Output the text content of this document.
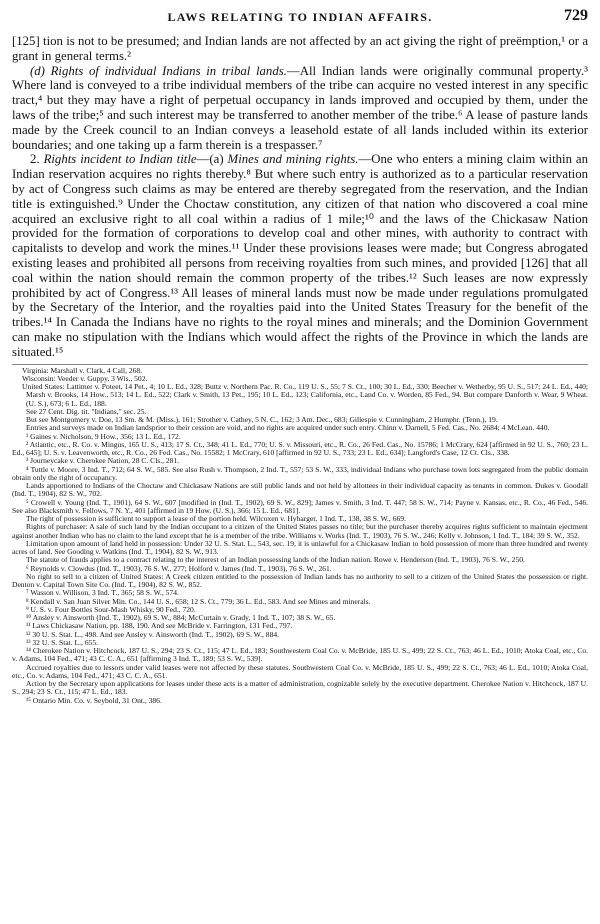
LAWS RELATING TO INDIAN AFFAIRS.	729

[125] tion is not to be presumed; and Indian lands are not affected by an act giving the right of preëmption,¹ or a grant in general terms.²

(d) Rights of individual Indians in tribal lands.—All Indian lands were originally communal property.³ Where land is conveyed to a tribe individual members of the tribe can acquire no vested interest in any specific tract,⁴ but they may have a right of perpetual occupancy in lands improved and occupied by them, under the laws of the tribe;⁵ and such interest may be transferred to another member of the tribe.⁶ A lease of pasture lands made by the Creek council to an Indian conveys a leasehold estate of all lands included within its exterior boundaries; and one taking up a farm therein is a trespasser.⁷

2. Rights incident to Indian title—(a) Mines and mining rights.—One who enters a mining claim within an Indian reservation acquires no rights thereby.⁸ But where such entry is authorized as to a particular reservation by act of Congress such claims as may be entered are thereby segregated from the reservation, and the Indian title is extinguished.⁹ Under the Choctaw constitution, any citizen of that nation who discovered a coal mine acquired an exclusive right to all coal within a radius of 1 mile;¹⁰ and the laws of the Chickasaw Nation provided for the formation of corporations to develop coal and other mines, with authority to contract with capitalists to develop and work the mines.¹¹ Under these provisions leases were made; but Congress abrogated existing leases and prohibited all persons from receiving royalties from such mines, and provided [126] that all coal within the nation should remain the common property of the tribes.¹² Such leases are now expressly prohibited by act of Congress.¹³ All leases of mineral lands must now be made under regulations promulgated by the Secretary of the Interior, and the royalties paid into the United States Treasury for the benefit of the tribes.¹⁴ In Canada the Indians have no rights to the royal mines and minerals; and the Dominion Government can make no stipulation with the Indians which would affect the rights of the Province in which the lands are situated.¹⁵

Virginia: Marshall v. Clark, 4 Call, 268.

Wisconsin: Veeder v. Guppy, 3 Wis., 502.

United States: Lattimer v. Poteet, 14 Pet., 4; 10 L. Ed., 328; Buttz v. Northern Pac. R. Co., 119 U. S., 55; 7 S. Ct., 100; 30 L. Ed., 330; Beecher v. Wetherby, 95 U. S., 517; 24 L. Ed., 440; Marsh v. Brooks, 14 How., 513; 14 L. Ed., 522; Clark v. Smith, 13 Pet., 195; 10 L. Ed., 123; California, etc., Land Co. v. Worden, 85 Fed., 94. But compare Danforth v. Wear, 9 Wheat. (U. S.), 673; 6 L. Ed., 188.

See 27 Cent. Dig. tit. "Indians," sec. 25.

But see Montgomery v. Doe, 13 Sm. & M. (Miss.), 161; Strother v. Cathey, 5 N. C., 162; 3 Am. Dec., 683; Gillespie v. Cunningham, 2 Humphr. (Tenn.), 19.

Entries and surveys made on Indian landsprior to their cession are void, and no rights are acquired under such entry. Chinn v. Darnell, 5 Fed. Cas., No. 2684; 4 McLean. 440.

¹ Gaines v. Nicholson, 9 How., 356; 13 L. Ed., 172.

² Atlantic, etc., R. Co. v. Mingus, 165 U. S., 413; 17 S. Ct., 348; 41 L. Ed., 770; U. S. v. Missouri, etc., R. Co., 26 Fed. Cas., No. 15786; 1 McCrary, 624 [affirmed in 92 U. S., 760; 23 L. Ed., 645]; U. S. v. Leavenworth, etc., R. Co., 26 Fed. Cas., No. 15582; 1 McCrary, 610 [affirmed in 92 U. S., 733; 23 L. Ed., 634]; Langford's Case, 12 Ct. Cls., 338.

³ Journeycake v. Cherokee Nation, 28 C. Cls., 281.

⁴ Tuttle v. Moore, 3 Ind. T., 712; 64 S. W., 585. See also Rush v. Thompson, 2 Ind. T., 557; 53 S. W., 333, individual Indians who purchase town lots segregated from the public domain obtain only the right of occupancy.

Lands apportioned to Indians of the Choctaw and Chickasaw Nations are still public lands and not held by allottees in their individual capacity as tenants in common. Dukes v. Goodall (Ind. T., 1904), 82 S. W., 702.

⁵ Crowell v. Young (Ind. T., 1901), 64 S. W., 607 [modified in (Ind. T., 1902), 69 S. W., 829]; James v. Smith, 3 Ind. T. 447; 58 S. W., 714; Payne v. Kansas, etc., R. Co., 46 Fed., 546. See also Blacksmith v. Fellows, 7 N. Y., 401 [affirmed in 19 How. (U. S.), 366; 15 L. Ed., 681].

The right of possession is sufficient to support a lease of the portion held. Wilcoxen v. Hybarger, 1 Ind. T., 138, 38 S. W., 669.

Rights of purchaser: A sale of such land by the Indian occupant to a citizen of the United States passes no title; but the purchaser thereby acquires rights sufficient to maintain ejectment against another Indian who has no claim to the land except that he is a member of the tribe. Williams v. Works (Ind. T., 1903), 76 S. W., 246; Kelly v. Johnson, 1 Ind. T., 184; 39 S. W., 352.

Limitation upon amount of land held in possession: Under 32 U. S. Stat. L., 543, sec. 19, it is unlawful for a Chickasaw Indian to hold possession of more than three hundred and twenty acres of land. See Gooding v. Watkins (Ind. T., 1904), 82 S. W., 913.

The statute of frauds applies to a contract relating to the interest of an Indian possessing lands of the Indian nation. Rowe v. Henderson (Ind. T., 1903), 76 S. W., 250.

⁶ Reynolds v. Clowdus (Ind. T., 1903), 76 S. W., 277; Holford v. James (Ind. T., 1903), 76 S. W., 261.

No right to sell to a citizen of United States: A Creek citizen entitled to the possession of Indian lands has no authority to sell to a citizen of the United States the possession or right. Denton v. Capital Town Site Co. (Ind. T., 1904), 82 S. W., 852.

⁷ Wasson v. Willison, 3 Ind. T., 365; 58 S. W., 574.

⁸ Kendall v. San Juan Silver Min. Co., 144 U. S., 658; 12 S. Ct., 779; 36 L. Ed., 583. And see Mines and minerals.

⁹ U. S. v. Four Bottles Sour-Mash Whisky, 90 Fed., 720.

¹⁰ Ansley v. Ainsworth (Ind. T., 1902), 69 S. W., 884; McCurtain v. Grady, 1 Ind. T., 107; 38 S. W., 65.

¹¹ Laws Chickasaw Nation, pp. 188, 190. And see McBride v. Farrington, 131 Fed., 797.

¹² 30 U. S. Stat. L., 498. And see Ansley v. Ainsworth (Ind. T., 1902), 69 S. W., 884.

¹³ 32 U. S. Stat. L., 655.

¹⁴ Cherokee Nation v. Hitchcock, 187 U. S., 294; 23 S. Ct., 115; 47 L. Ed., 183; Southwestern Coal Co. v. McBride, 185 U. S., 499; 22 S. Ct., 763; 46 L. Ed., 1010; Atoka Coal, etc., Co. v. Adams, 104 Fed., 471; 43 C. C. A., 651 [affirming 3 Ind. T., 189; 53 S. W., 539].

Accrued royalties due to lessors under valid leases were not affected by these statutes. Southwestern Coal Co. v. McBride, 185 U. S., 499; 22 S. Ct., 763; 46 L. Ed., 1010; Atoka Coal, etc., Co. v. Adams, 104 Fed., 471; 43 C. C. A., 651.

Action by the Secretary upon applications for leases under these acts is a matter of administration, cognizable solely by the executive department. Cherokee Nation v. Hitchcock, 187 U. S., 294; 23 S. Ct., 115; 47 L. Ed., 183.

¹⁵ Ontario Min. Co. v. Seybold, 31 Ont., 386.
